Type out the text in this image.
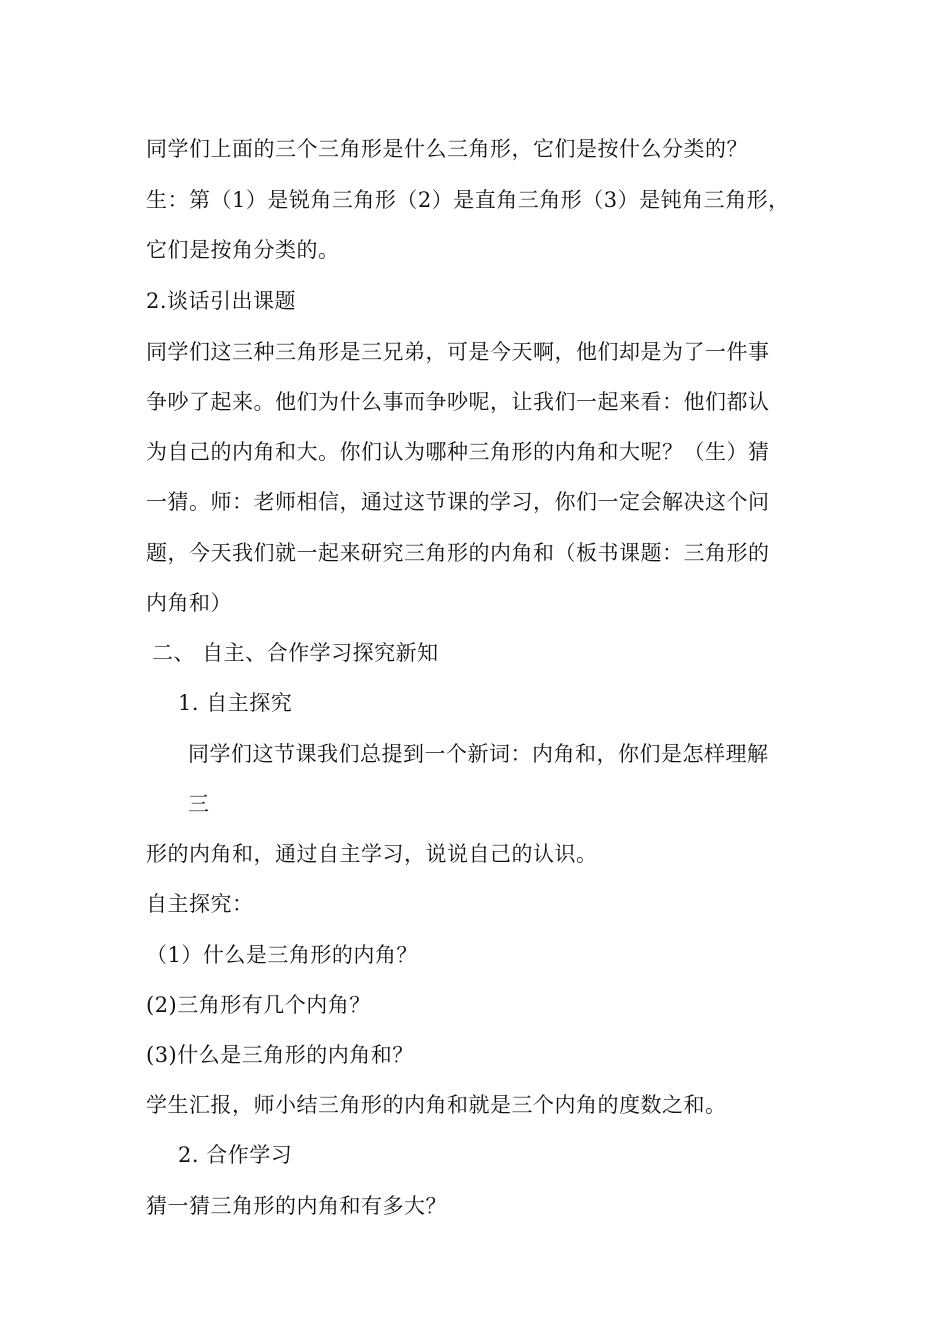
同学们上面的三个三角形是什么三角形，它们是按什么分类的？
生：第（1）是锐角三角形（2）是直角三角形（3）是钝角三角形，
它们是按角分类的。
2.谈话引出课题
同学们这三种三角形是三兄弟，可是今天啊，他们却是为了一件事
争吵了起来。他们为什么事而争吵呢，让我们一起来看：他们都认
为自己的内角和大。你们认为哪种三角形的内角和大呢？（生）猜
一猜。师：老师相信，通过这节课的学习，你们一定会解决这个问
题，今天我们就一起来研究三角形的内角和（板书课题：三角形的
内角和）
二、 自主、合作学习探究新知
1. 自主探究
同学们这节课我们总提到一个新词：内角和，你们是怎样理解
三
形的内角和，通过自主学习，说说自己的认识。
自主探究：
（1）什么是三角形的内角？
(2)三角形有几个内角？
(3)什么是三角形的内角和？
学生汇报，师小结三角形的内角和就是三个内角的度数之和。
2. 合作学习
猜一猜三角形的内角和有多大？
